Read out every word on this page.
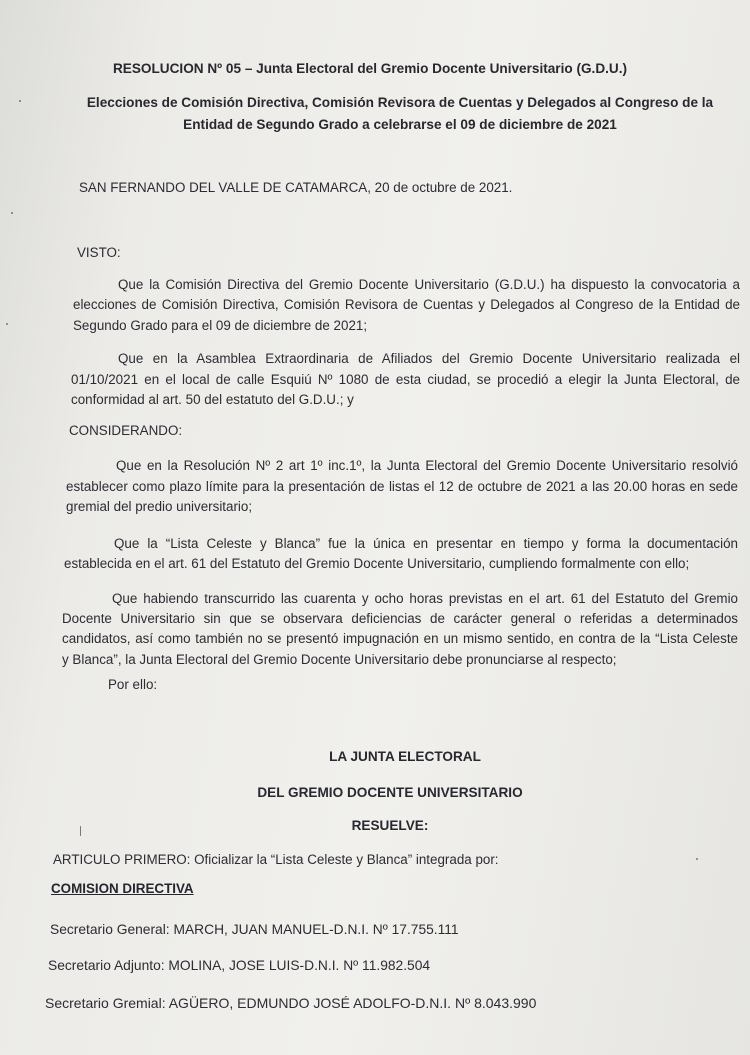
RESOLUCION Nº 05 – Junta Electoral del Gremio Docente Universitario (G.D.U.)
Elecciones de Comisión Directiva, Comisión Revisora de Cuentas y Delegados al Congreso de la
Entidad de Segundo Grado a celebrarse el 09 de diciembre de 2021
SAN FERNANDO DEL VALLE DE CATAMARCA, 20 de octubre de 2021.
VISTO:
Que la Comisión Directiva del Gremio Docente Universitario (G.D.U.) ha dispuesto la convocatoria a
elecciones de Comisión Directiva, Comisión Revisora de Cuentas y Delegados al Congreso de la Entidad de
Segundo Grado para el 09 de diciembre de 2021;
Que en la Asamblea Extraordinaria de Afiliados del Gremio Docente Universitario realizada el
01/10/2021 en el local de calle Esquiú Nº 1080 de esta ciudad, se procedió a elegir la Junta Electoral, de
conformidad al art. 50 del estatuto del G.D.U.; y
CONSIDERANDO:
Que en la Resolución Nº 2 art 1º inc.1º, la Junta Electoral del Gremio Docente Universitario resolvió
establecer como plazo límite para la presentación de listas el 12 de octubre de 2021 a las 20.00 horas en sede
gremial del predio universitario;
Que la “Lista Celeste y Blanca” fue la única en presentar en tiempo y forma la documentación
establecida en el art. 61 del Estatuto del Gremio Docente Universitario, cumpliendo formalmente con ello;
Que habiendo transcurrido las cuarenta y ocho horas previstas en el art. 61 del Estatuto del Gremio
Docente Universitario sin que se observara deficiencias de carácter general o referidas a determinados
candidatos, así como también no se presentó impugnación en un mismo sentido, en contra de la “Lista Celeste
y Blanca”, la Junta Electoral del Gremio Docente Universitario debe pronunciarse al respecto;
Por ello:
LA JUNTA ELECTORAL
DEL GREMIO DOCENTE UNIVERSITARIO
RESUELVE:
ARTICULO PRIMERO: Oficializar la “Lista Celeste y Blanca” integrada por:
COMISION DIRECTIVA
Secretario General: MARCH, JUAN MANUEL-D.N.I. Nº 17.755.111
Secretario Adjunto: MOLINA, JOSE LUIS-D.N.I. Nº 11.982.504
Secretario Gremial: AGÜERO, EDMUNDO JOSÉ ADOLFO-D.N.I. Nº 8.043.990
